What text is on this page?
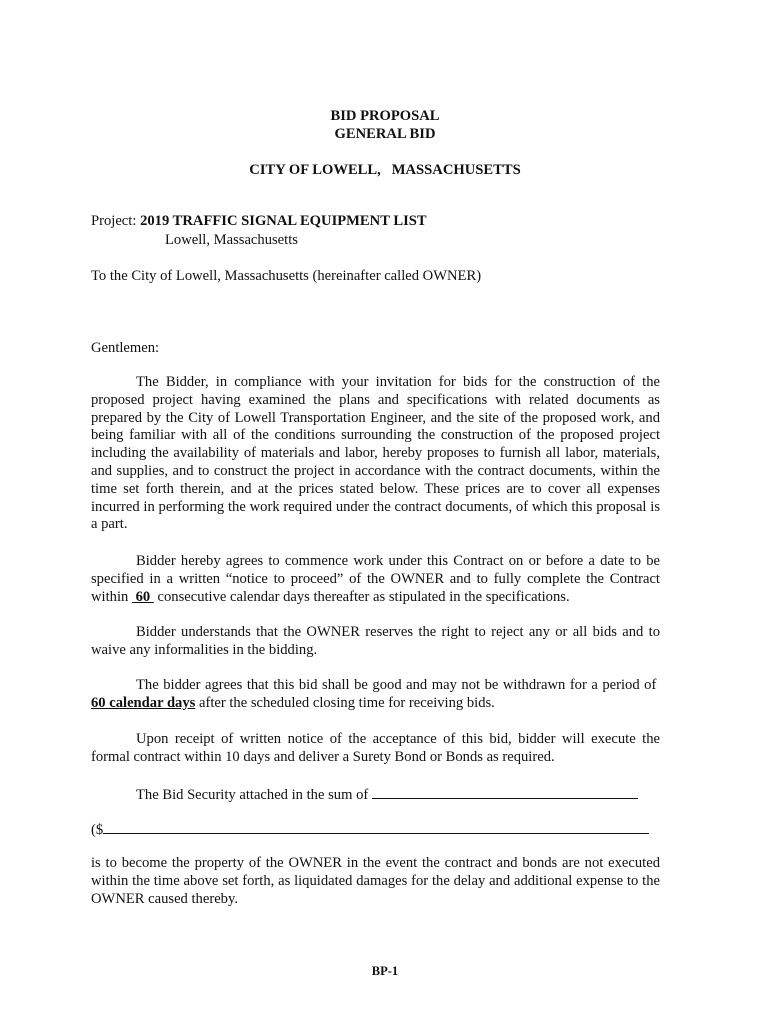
BID PROPOSAL
GENERAL BID
CITY OF LOWELL,   MASSACHUSETTS
Project: 2019 TRAFFIC SIGNAL EQUIPMENT LIST
Lowell, Massachusetts
To the City of Lowell, Massachusetts (hereinafter called OWNER)
Gentlemen:
The Bidder, in compliance with your invitation for bids for the construction of the proposed project having examined the plans and specifications with related documents as prepared by the City of Lowell Transportation Engineer, and the site of the proposed work, and being familiar with all of the conditions surrounding the construction of the proposed project including the availability of materials and labor, hereby proposes to furnish all labor, materials, and supplies, and to construct the project in accordance with the contract documents, within the time set forth therein, and at the prices stated below. These prices are to cover all expenses incurred in performing the work required under the contract documents, of which this proposal is a part.
Bidder hereby agrees to commence work under this Contract on or before a date to be specified in a written “notice to proceed” of the OWNER and to fully complete the Contract within  60  consecutive calendar days thereafter as stipulated in the specifications.
Bidder understands that the OWNER reserves the right to reject any or all bids and to waive any informalities in the bidding.
The bidder agrees that this bid shall be good and may not be withdrawn for a period of  60 calendar days after the scheduled closing time for receiving bids.
Upon receipt of written notice of the acceptance of this bid, bidder will execute the formal contract within 10 days and deliver a Surety Bond or Bonds as required.
The Bid Security attached in the sum of
($
is to become the property of the OWNER in the event the contract and bonds are not executed within the time above set forth, as liquidated damages for the delay and additional expense to the OWNER caused thereby.
BP-1
